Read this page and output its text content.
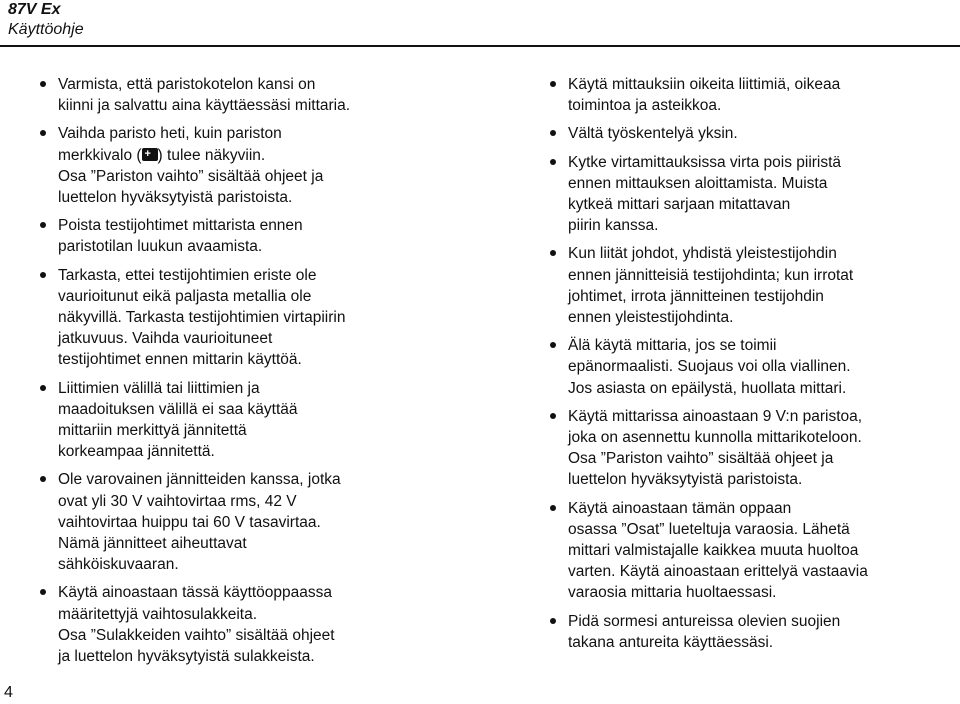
87V Ex
Käyttöohje
Varmista, että paristokotelon kansi on
kiinni ja salvattu aina käyttäessäsi mittaria.
Vaihda paristo heti, kuin pariston
merkkivalo (+ ) tulee näkyviin.
Osa ”Pariston vaihto” sisältää ohjeet ja
luettelon hyväksytyistä paristoista.
Poista testijohtimet mittarista ennen
paristotilan luukun avaamista.
Tarkasta, ettei testijohtimien eriste ole
vaurioitunut eikä paljasta metallia ole
näkyvillä. Tarkasta testijohtimien virtapiirin
jatkuvuus. Vaihda vaurioituneet
testijohtimet ennen mittarin käyttöä.
Liittimien välillä tai liittimien ja
maadoituksen välillä ei saa käyttää
mittariin merkittyä jännitettä
korkeampaa jännitettä.
Ole varovainen jännitteiden kanssa, jotka
ovat yli 30 V vaihtovirtaa rms, 42 V
vaihtovirtaa huippu tai 60 V tasavirtaa.
Nämä jännitteet aiheuttavat
sähköiskuvaaran.
Käytä ainoastaan tässä käyttöoppaassa
määritettyjä vaihtosulakkeita.
Osa ”Sulakkeiden vaihto” sisältää ohjeet
ja luettelon hyväksytyistä sulakkeista.
Käytä mittauksiin oikeita liittimiä, oikeaa
toimintoa ja asteikkoa.
Vältä työskentelyä yksin.
Kytke virtamittauksissa virta pois piiristä
ennen mittauksen aloittamista. Muista
kytkeä mittari sarjaan mitattavan
piirin kanssa.
Kun liität johdot, yhdistä yleistestijohdin
ennen jännitteisiä testijohdinta; kun irrotat
johtimet, irrota jännitteinen testijohdin
ennen yleistestijohdinta.
Älä käytä mittaria, jos se toimii
epänormaalisti. Suojaus voi olla viallinen.
Jos asiasta on epäilystä, huollata mittari.
Käytä mittarissa ainoastaan 9 V:n paristoa,
joka on asennettu kunnolla mittarikoteloon.
Osa ”Pariston vaihto” sisältää ohjeet ja
luettelon hyväksytyistä paristoista.
Käytä ainoastaan tämän oppaan
osassa ”Osat” lueteltuja varaosia. Lähetä
mittari valmistajalle kaikkea muuta huoltoa
varten. Käytä ainoastaan erittelyä vastaavia
varaosia mittaria huoltaessasi.
Pidä sormesi antureissa olevien suojien
takana antureita käyttäessäsi.
4
